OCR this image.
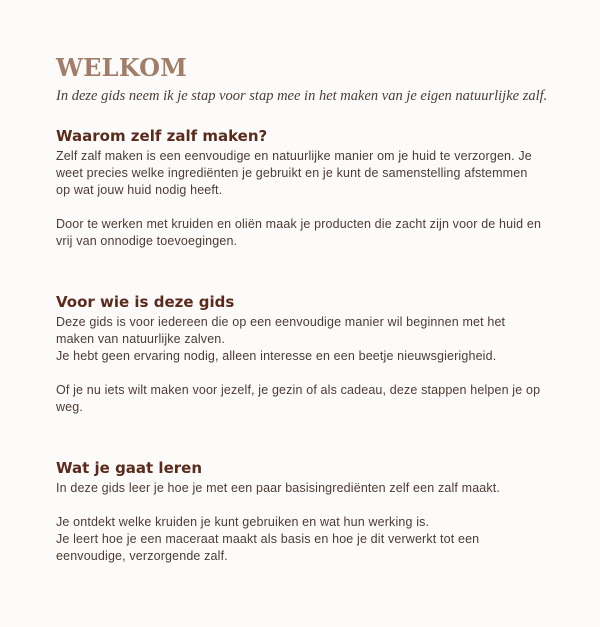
WELKOM
In deze gids neem ik je stap voor stap mee in het maken van je eigen natuurlijke zalf.
Waarom zelf zalf maken?

Zelf zalf maken is een eenvoudige en natuurlijke manier om je huid te verzorgen. Je
weet precies welke ingrediënten je gebruikt en je kunt de samenstelling afstemmen
op wat jouw huid nodig heeft.

Door te werken met kruiden en oliën maak je producten die zacht zijn voor de huid en
vrij van onnodige toevoegingen.

Voor wie is deze gids

Deze gids is voor iedereen die op een eenvoudige manier wil beginnen met het
maken van natuurlijke zalven.
Je hebt geen ervaring nodig, alleen interesse en een beetje nieuwsgierigheid.

Of je nu iets wilt maken voor jezelf, je gezin of als cadeau, deze stappen helpen je op
weg.

Wat je gaat leren

In deze gids leer je hoe je met een paar basisingrediënten zelf een zalf maakt.

Je ontdekt welke kruiden je kunt gebruiken en wat hun werking is.
Je leert hoe je een maceraat maakt als basis en hoe je dit verwerkt tot een
eenvoudige, verzorgende zalf.
